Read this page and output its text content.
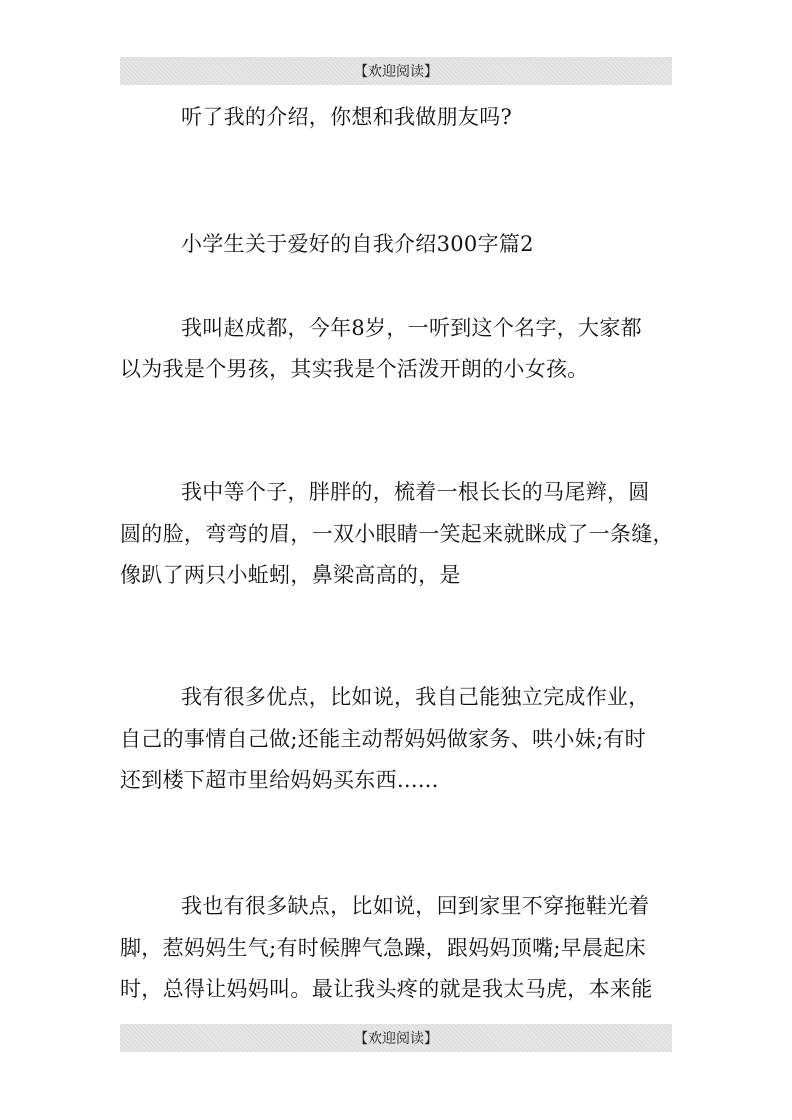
【欢迎阅读】
听了我的介绍，你想和我做朋友吗?
小学生关于爱好的自我介绍300字篇2
我叫赵成都，今年8岁，一听到这个名字，大家都
以为我是个男孩，其实我是个活泼开朗的小女孩。
我中等个子，胖胖的，梳着一根长长的马尾辫，圆
圆的脸，弯弯的眉，一双小眼睛一笑起来就眯成了一条缝，
像趴了两只小蚯蚓，鼻梁高高的，是
我有很多优点，比如说，我自己能独立完成作业，
自己的事情自己做;还能主动帮妈妈做家务、哄小妹;有时
还到楼下超市里给妈妈买东西......
我也有很多缺点，比如说，回到家里不穿拖鞋光着
脚，惹妈妈生气;有时候脾气急躁，跟妈妈顶嘴;早晨起床
时，总得让妈妈叫。最让我头疼的就是我太马虎，本来能
【欢迎阅读】
